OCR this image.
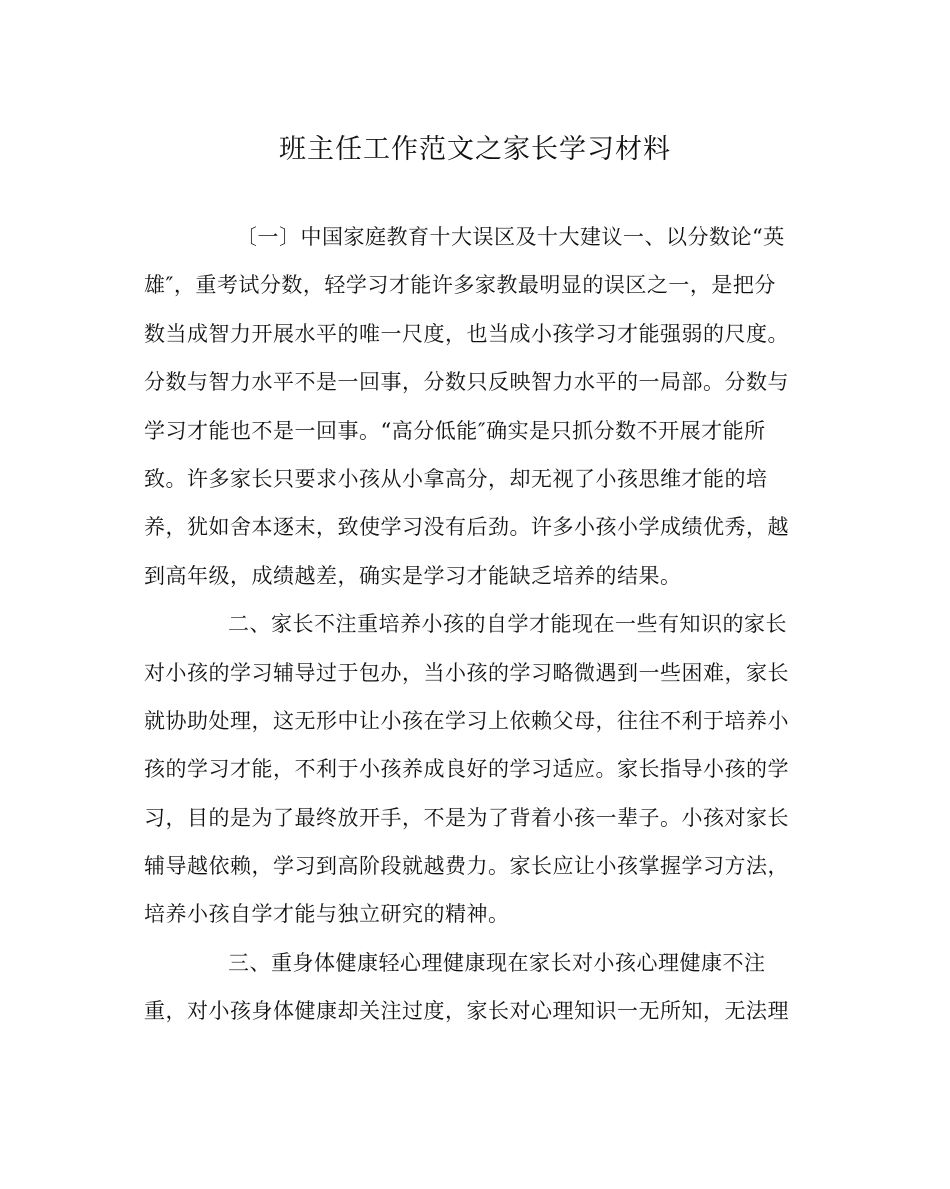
班主任工作范文之家长学习材料
〔一〕中国家庭教育十大误区及十大建议一、以分数论“英
雄″，重考试分数，轻学习才能许多家教最明显的误区之一，是把分
数当成智力开展水平的唯一尺度，也当成小孩学习才能强弱的尺度。
分数与智力水平不是一回事，分数只反映智力水平的一局部。分数与
学习才能也不是一回事。“高分低能″确实是只抓分数不开展才能所
致。许多家长只要求小孩从小拿高分，却无视了小孩思维才能的培
养，犹如舍本逐末，致使学习没有后劲。许多小孩小学成绩优秀，越
到高年级，成绩越差，确实是学习才能缺乏培养的结果。
二、家长不注重培养小孩的自学才能现在一些有知识的家长
对小孩的学习辅导过于包办，当小孩的学习略微遇到一些困难，家长
就协助处理，这无形中让小孩在学习上依赖父母，往往不利于培养小
孩的学习才能，不利于小孩养成良好的学习适应。家长指导小孩的学
习，目的是为了最终放开手，不是为了背着小孩一辈子。小孩对家长
辅导越依赖，学习到高阶段就越费力。家长应让小孩掌握学习方法，
培养小孩自学才能与独立研究的精神。
三、重身体健康轻心理健康现在家长对小孩心理健康不注
重，对小孩身体健康却关注过度，家长对心理知识一无所知，无法理
